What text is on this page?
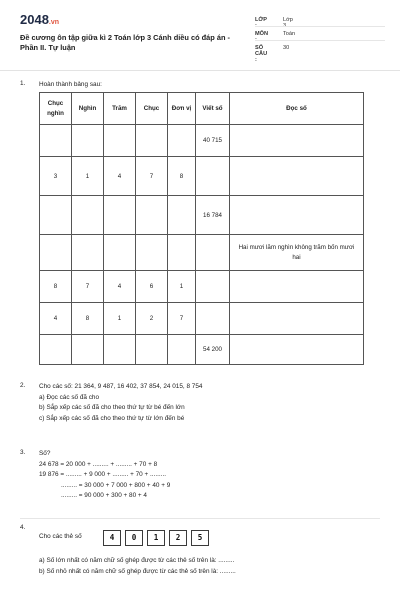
2048.vn
Đề cương ôn tập giữa kì 2 Toán lớp 3 Cánh diều có đáp án - Phần II. Tự luận
LỚP :
Lớp 3
MÔN :
Toán
SỐ CÂU :
30
1. Hoàn thành bảng sau:
Chục nghìn	Nghìn	Trăm	Chục	Đơn vị	Viết số	Đọc số
					40 715	
3	1	4	7	8		
					16 784	
						Hai mươi lăm nghìn không trăm bốn mươi hai
8	7	4	6	1		
4	8	1	2	7		
					54 200	
2. Cho các số: 21 364, 9 487, 16 402, 37 854, 24 015, 8 754
a) Đọc các số đã cho
b) Sắp xếp các số đã cho theo thứ tự từ bé đến lớn
c) Sắp xếp các số đã cho theo thứ tự từ lớn đến bé
3. Số?
24 678 = 20 000 + ......... + ......... + 70 + 8
19 876 = ......... + 9 000 + ......... + 70 + .........
......... = 30 000 + 7 000 + 800 + 40 + 9
......... = 90 000 + 300 + 80 + 4
4.
Cho các thẻ số	4	0	1	2	5
a) Số lớn nhất có năm chữ số ghép được từ các thẻ số trên là: .........
b) Số nhỏ nhất có năm chữ số ghép được từ các thẻ số trên là: .........
